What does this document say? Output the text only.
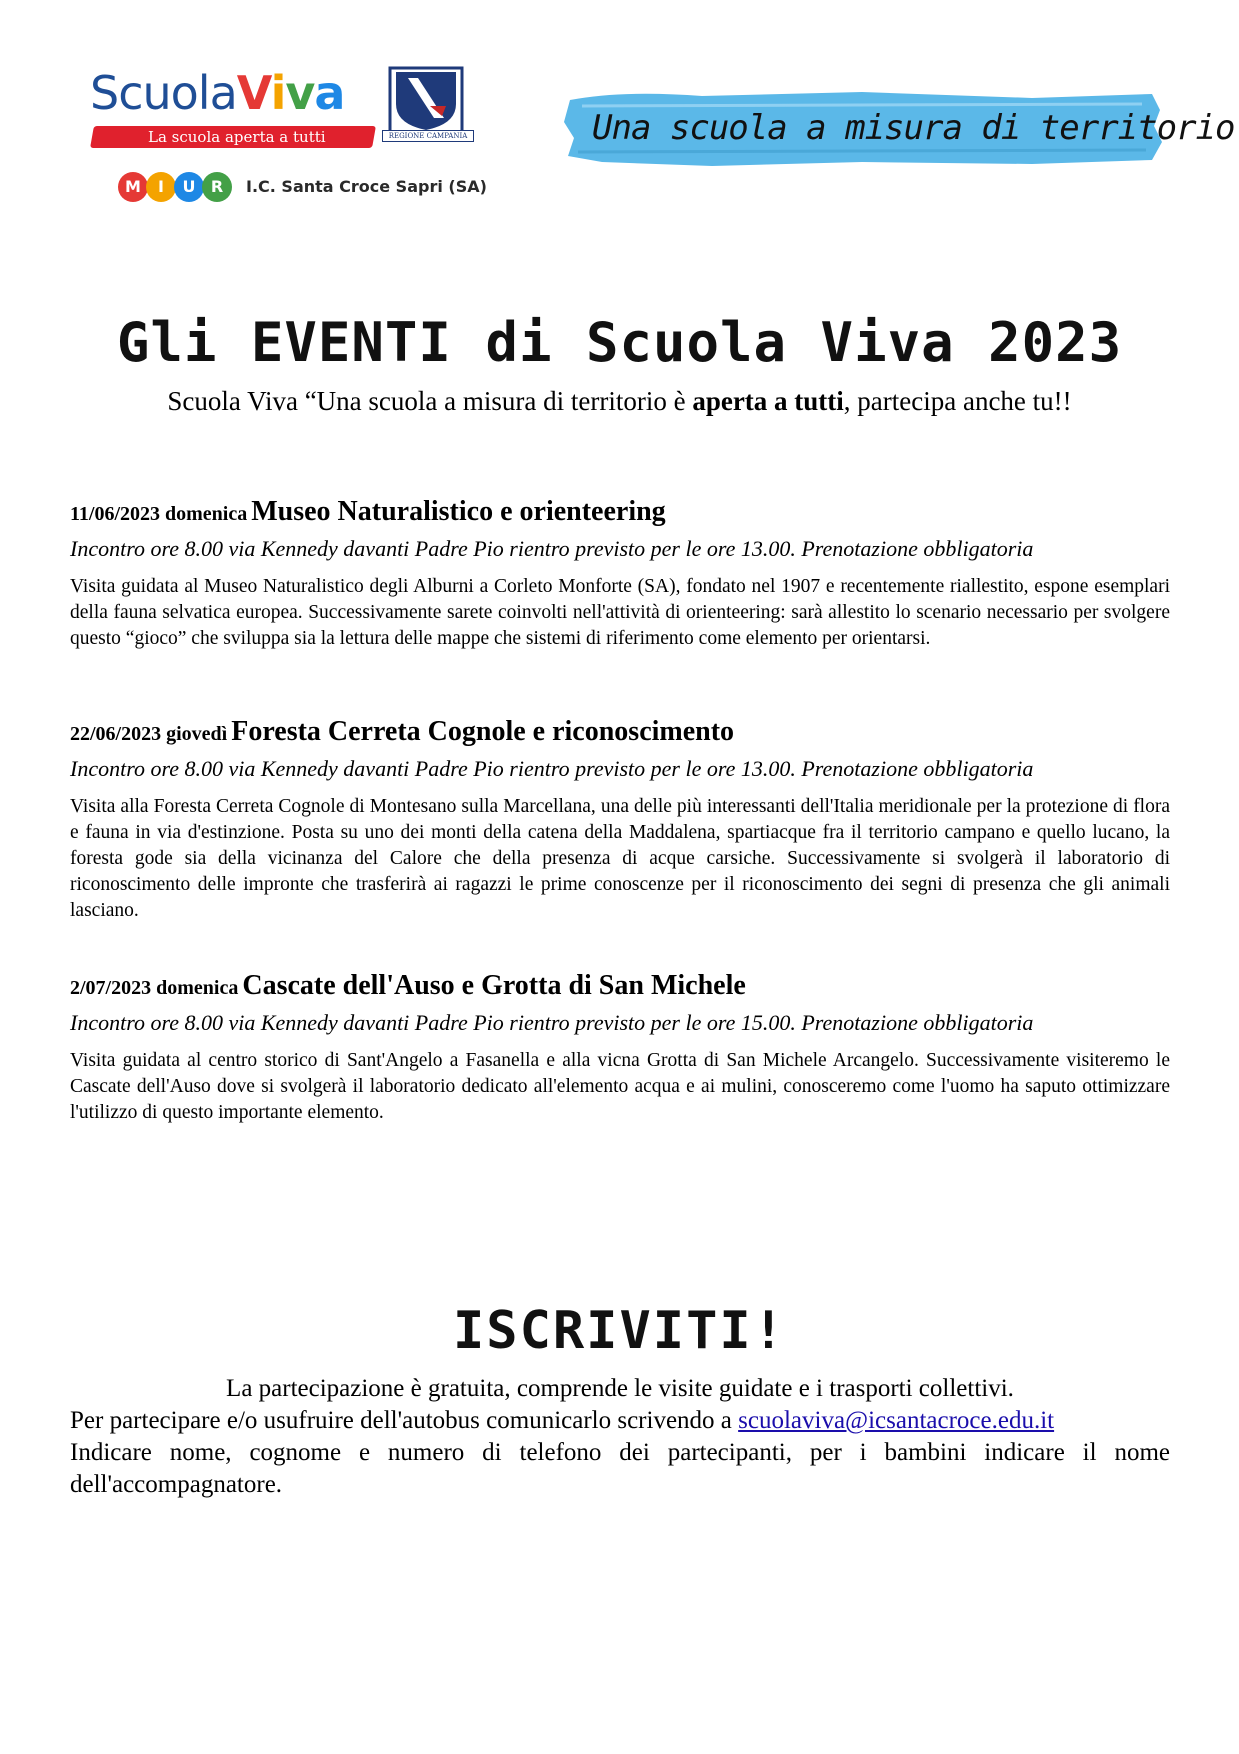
ScuolaViva
La scuola aperta a tutti	REGIONE CAMPANIA
M	I	U R	I.C. Santa Croce Sapri (SA)
Una scuola a misura di territorio
Gli EVENTI di Scuola Viva 2023
Scuola Viva “Una scuola a misura di territorio è aperta a tutti, partecipa anche tu!!
11/06/2023 domenica Museo Naturalistico e orienteering
Incontro ore 8.00 via Kennedy davanti Padre Pio rientro previsto per le ore 13.00. Prenotazione obbligatoria
Visita guidata al Museo Naturalistico degli Alburni a Corleto Monforte (SA), fondato nel 1907 e recentemente riallestito, espone esemplari della fauna selvatica europea. Successivamente sarete coinvolti nell'attività di orienteering: sarà allestito lo scenario necessario per svolgere questo “gioco” che sviluppa sia la lettura delle mappe che sistemi di riferimento come elemento per orientarsi.
22/06/2023 giovedì Foresta Cerreta Cognole e riconoscimento
Incontro ore 8.00 via Kennedy davanti Padre Pio rientro previsto per le ore 13.00. Prenotazione obbligatoria
Visita alla Foresta Cerreta Cognole di Montesano sulla Marcellana, una delle più interessanti dell'Italia meridionale per la protezione di flora e fauna in via d'estinzione. Posta su uno dei monti della catena della Maddalena, spartiacque fra il territorio campano e quello lucano, la foresta gode sia della vicinanza del Calore che della presenza di acque carsiche. Successivamente si svolgerà il laboratorio di riconoscimento delle impronte che trasferirà ai ragazzi le prime conoscenze per il riconoscimento dei segni di presenza che gli animali lasciano.
2/07/2023 domenica Cascate dell'Auso e Grotta di San Michele
Incontro ore 8.00 via Kennedy davanti Padre Pio rientro previsto per le ore 15.00. Prenotazione obbligatoria
Visita guidata al centro storico di Sant'Angelo a Fasanella e alla vicna Grotta di San Michele Arcangelo. Successivamente visiteremo le Cascate dell'Auso dove si svolgerà il laboratorio dedicato all'elemento acqua e ai mulini, conosceremo come l'uomo ha saputo ottimizzare l'utilizzo di questo importante elemento.
ISCRIVITI!
La partecipazione è gratuita, comprende le visite guidate e i trasporti collettivi.
Per partecipare e/o usufruire dell'autobus comunicarlo scrivendo a scuolaviva@icsantacroce.edu.it
Indicare nome, cognome e numero di telefono dei partecipanti, per i bambini indicare il nome dell'accompagnatore.
